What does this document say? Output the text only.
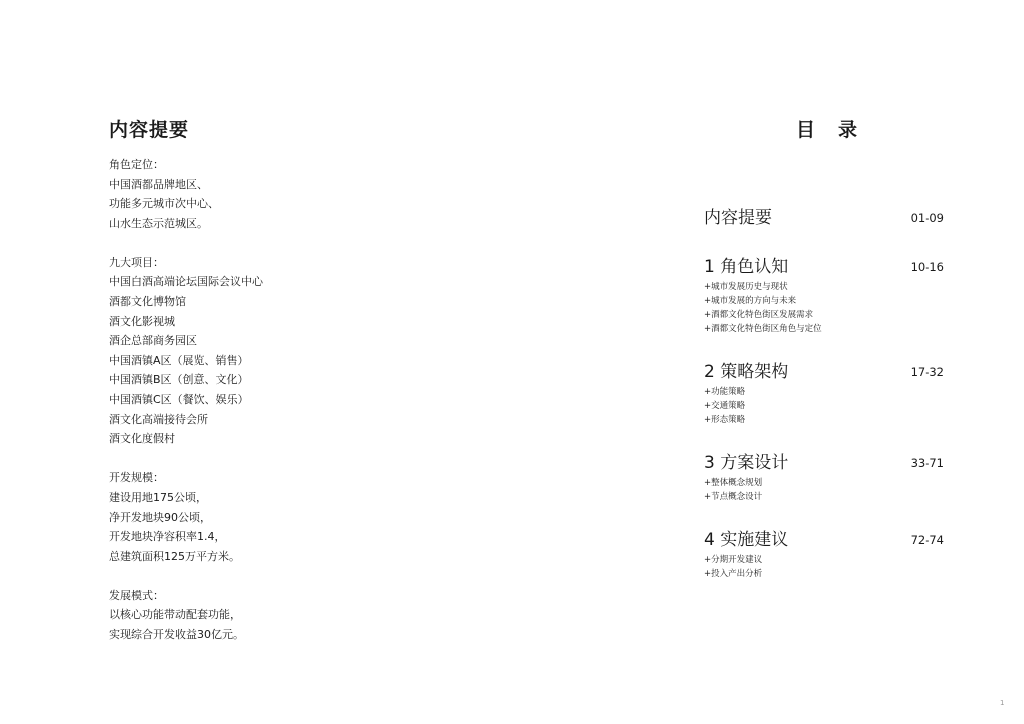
内容提要
角色定位：
中国酒都品牌地区、
功能多元城市次中心、
山水生态示范城区。
九大项目：
中国白酒高端论坛国际会议中心
酒都文化博物馆
酒文化影视城
酒企总部商务园区
中国酒镇A区（展览、销售）
中国酒镇B区（创意、文化）
中国酒镇C区（餐饮、娱乐）
酒文化高端接待会所
酒文化度假村
开发规模：
建设用地175公顷，
净开发地块90公顷，
开发地块净容积率1.4，
总建筑面积125万平方米。
发展模式：
以核心功能带动配套功能，
实现综合开发收益30亿元。
目 录
内容提要	01-09
1 角色认知	10-16
+城市发展历史与现状
+城市发展的方向与未来
+酒都文化特色街区发展需求
+酒都文化特色街区角色与定位
2 策略架构	17-32
+功能策略
+交通策略
+形态策略
3 方案设计	33-71
+整体概念规划
+节点概念设计
4 实施建议	72-74
+分期开发建议
+投入产出分析
1
